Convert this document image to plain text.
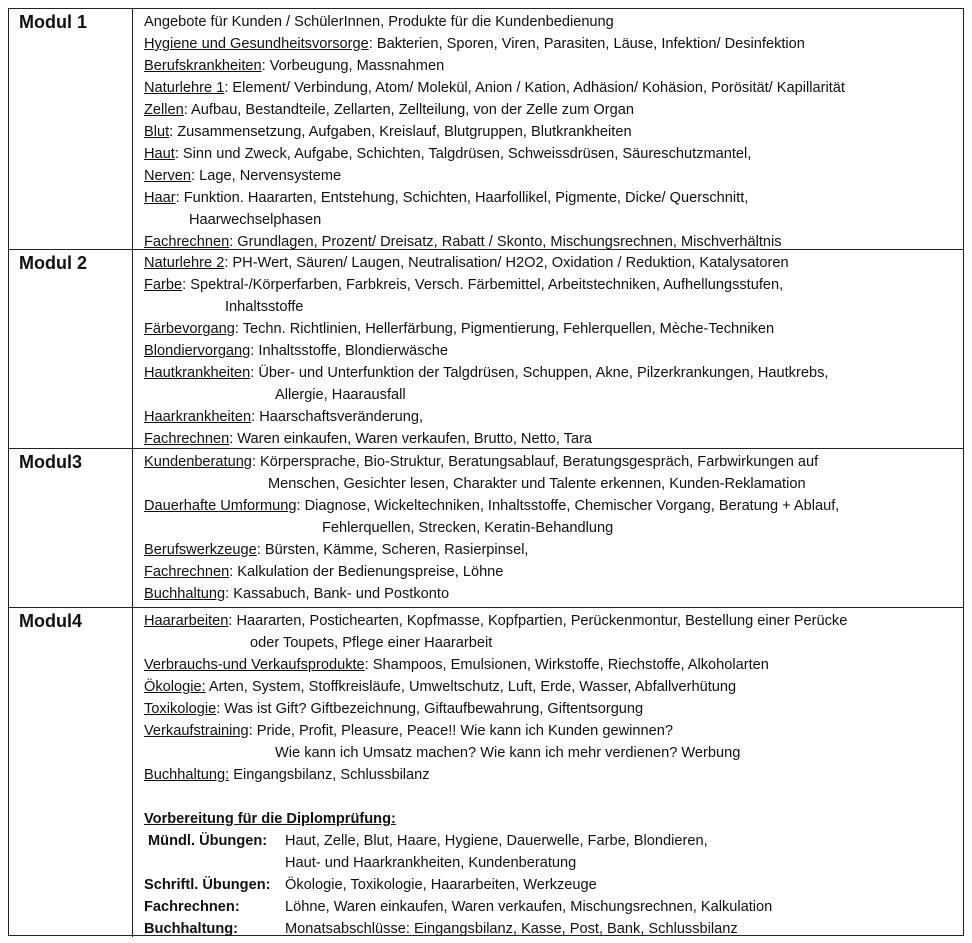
Modul 1	Angebote für Kunden / SchülerInnen, Produkte für die Kundenbedienung
Hygiene und Gesundheitsvorsorge: Bakterien, Sporen, Viren, Parasiten, Läuse, Infektion/ Desinfektion
Berufskrankheiten: Vorbeugung, Massnahmen
Naturlehre 1: Element/ Verbindung, Atom/ Molekül, Anion / Kation, Adhäsion/ Kohäsion, Porösität/ Kapillarität
Zellen: Aufbau, Bestandteile, Zellarten, Zellteilung, von der Zelle zum Organ
Blut: Zusammensetzung, Aufgaben, Kreislauf, Blutgruppen, Blutkrankheiten
Haut: Sinn und Zweck, Aufgabe, Schichten, Talgdrüsen, Schweissdrüsen, Säureschutzmantel,
Nerven: Lage, Nervensysteme
Haar: Funktion. Haararten, Entstehung, Schichten, Haarfollikel, Pigmente, Dicke/ Querschnitt,
Haarwechselphasen
Fachrechnen: Grundlagen, Prozent/ Dreisatz, Rabatt / Skonto, Mischungsrechnen, Mischverhältnis
Modul 2	Naturlehre 2: PH-Wert, Säuren/ Laugen, Neutralisation/ H2O2, Oxidation / Reduktion, Katalysatoren
Farbe: Spektral-/Körperfarben, Farbkreis, Versch. Färbemittel, Arbeitstechniken, Aufhellungsstufen,
Inhaltsstoffe
Färbevorgang: Techn. Richtlinien, Hellerfärbung, Pigmentierung, Fehlerquellen, Mèche-Techniken
Blondiervorgang: Inhaltsstoffe, Blondierwäsche
Hautkrankheiten: Über- und Unterfunktion der Talgdrüsen, Schuppen, Akne, Pilzerkrankungen, Hautkrebs,
Allergie, Haarausfall
Haarkrankheiten: Haarschaftsveränderung,
Fachrechnen: Waren einkaufen, Waren verkaufen, Brutto, Netto, Tara
Modul3	Kundenberatung: Körpersprache, Bio-Struktur, Beratungsablauf, Beratungsgespräch, Farbwirkungen auf
Menschen, Gesichter lesen, Charakter und Talente erkennen, Kunden-Reklamation
Dauerhafte Umformung: Diagnose, Wickeltechniken, Inhaltsstoffe, Chemischer Vorgang, Beratung + Ablauf,
Fehlerquellen, Strecken, Keratin-Behandlung
Berufswerkzeuge: Bürsten, Kämme, Scheren, Rasierpinsel,
Fachrechnen: Kalkulation der Bedienungspreise, Löhne
Buchhaltung: Kassabuch, Bank- und Postkonto
Modul4	Haararbeiten: Haararten, Postichearten, Kopfmasse, Kopfpartien, Perückenmontur, Bestellung einer Perücke
oder Toupets, Pflege einer Haararbeit
Verbrauchs-und Verkaufsprodukte: Shampoos, Emulsionen, Wirkstoffe, Riechstoffe, Alkoholarten
Ökologie: Arten, System, Stoffkreisläufe, Umweltschutz, Luft, Erde, Wasser, Abfallverhütung
Toxikologie: Was ist Gift? Giftbezeichnung, Giftaufbewahrung, Giftentsorgung
Verkaufstraining: Pride, Profit, Pleasure, Peace!! Wie kann ich Kunden gewinnen?
Wie kann ich Umsatz machen? Wie kann ich mehr verdienen? Werbung
Buchhaltung: Eingangsbilanz, Schlussbilanz
Vorbereitung für die Diplomprüfung:
Mündl. Übungen:	Haut, Zelle, Blut, Haare, Hygiene, Dauerwelle, Farbe, Blondieren,
Haut- und Haarkrankheiten, Kundenberatung
Schriftl. Übungen: Ökologie, Toxikologie, Haararbeiten, Werkzeuge
Fachrechnen:	Löhne, Waren einkaufen, Waren verkaufen, Mischungsrechnen, Kalkulation
Buchhaltung:	Monatsabschlüsse: Eingangsbilanz, Kasse, Post, Bank, Schlussbilanz
